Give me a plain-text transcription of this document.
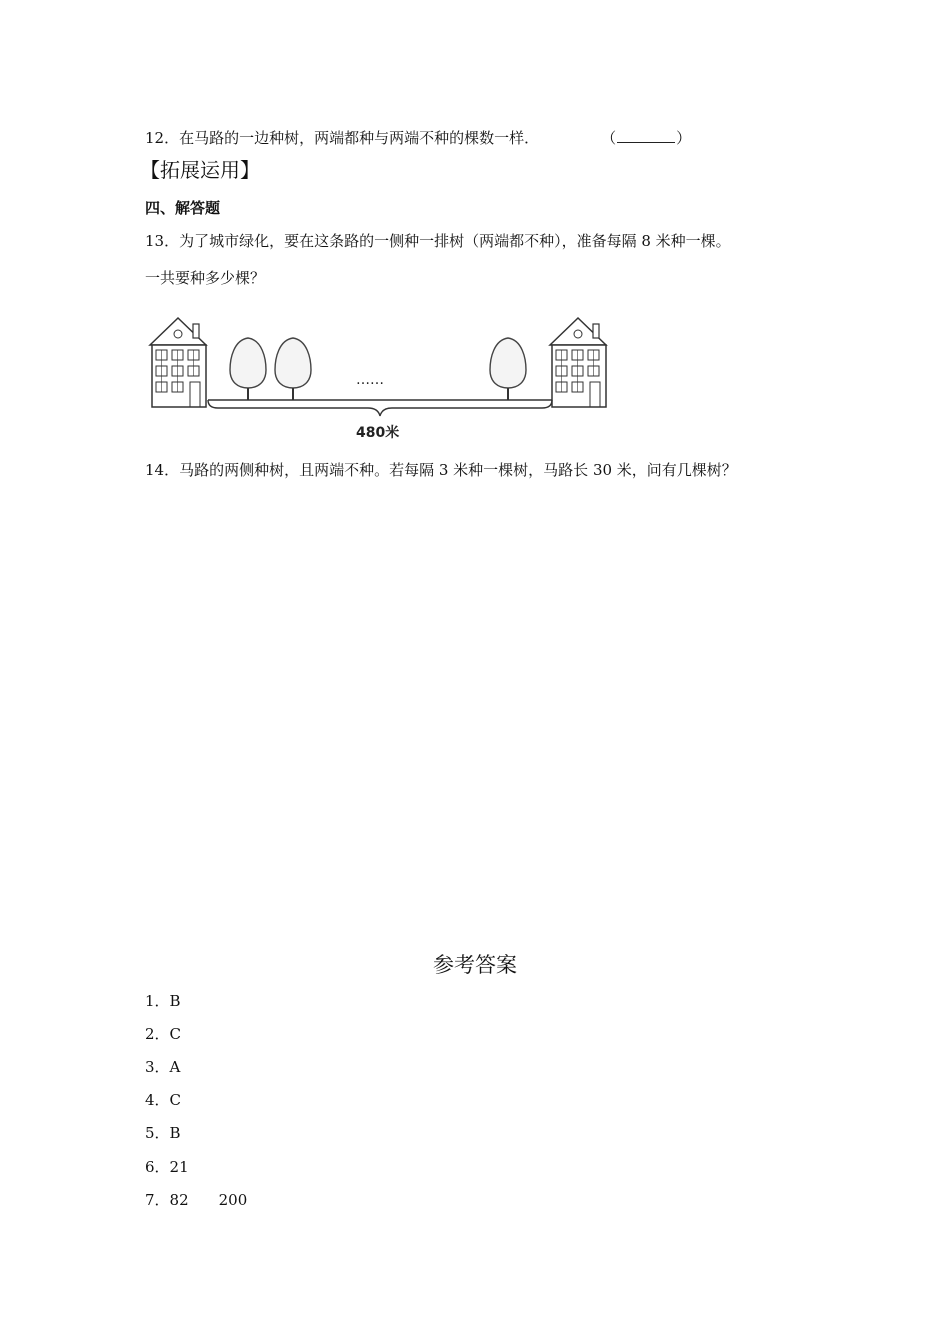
12．在马路的一边种树，两端都种与两端不种的棵数一样．	（	）
【拓展运用】
四、解答题
13．为了城市绿化，要在这条路的一侧种一排树（两端都不种），准备每隔 8 米种一棵。
一共要种多少棵？
……
480米
14．马路的两侧种树，且两端不种。若每隔 3 米种一棵树，马路长 30 米，问有几棵树？
参考答案
1．B
2．C
3．A
4．C
5．B
6．21
7．82 200
